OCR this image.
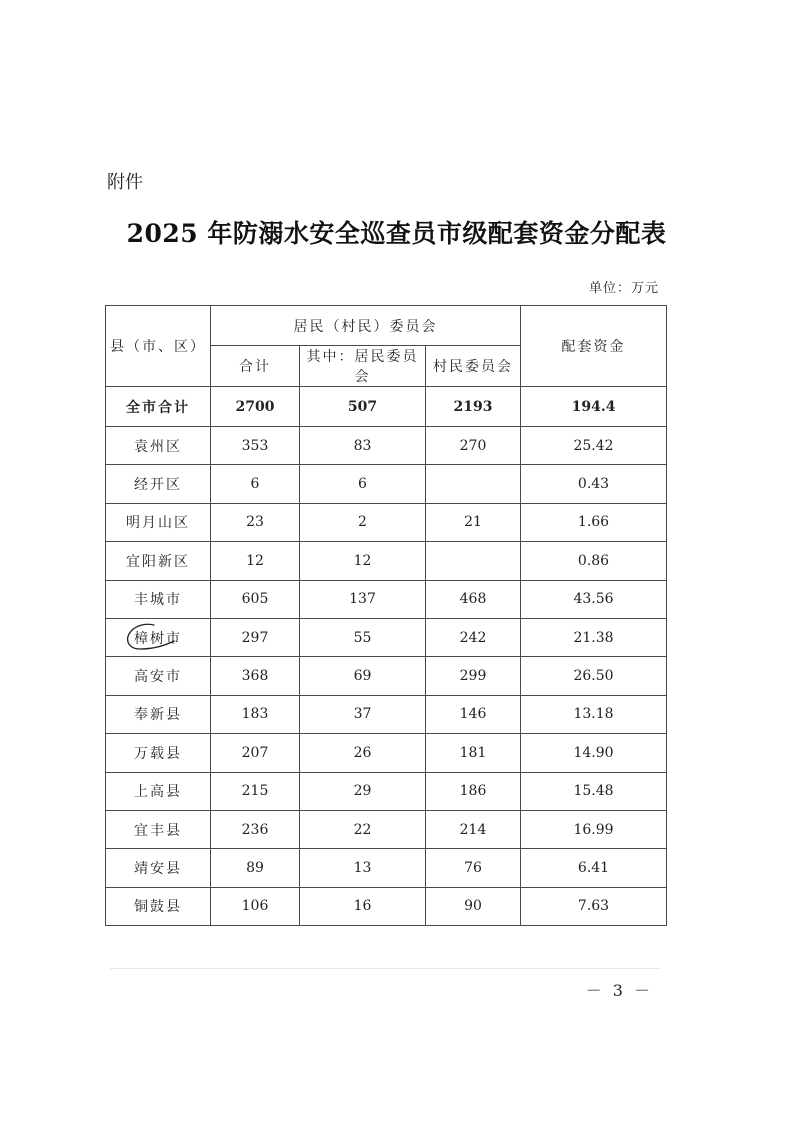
附件
2025 年防溺水安全巡查员市级配套资金分配表
单位：万元
县（市、区）	居民（村民）委员会			配套资金
	合计	其中：居民委员会	村民委员会	
全市合计	2700	507	2193	194.4
袁州区	353	83	270	25.42
经开区	6	6		0.43
明月山区	23	2	21	1.66
宜阳新区	12	12		0.86
丰城市	605	137	468	43.56
樟树市	297	55	242	21.38
高安市	368	69	299	26.50
奉新县	183	37	146	13.18
万载县	207	26	181	14.90
上高县	215	29	186	15.48
宜丰县	236	22	214	16.99
靖安县	89	13	76	6.41
铜鼓县	106	16	90	7.63
－ 3 －
